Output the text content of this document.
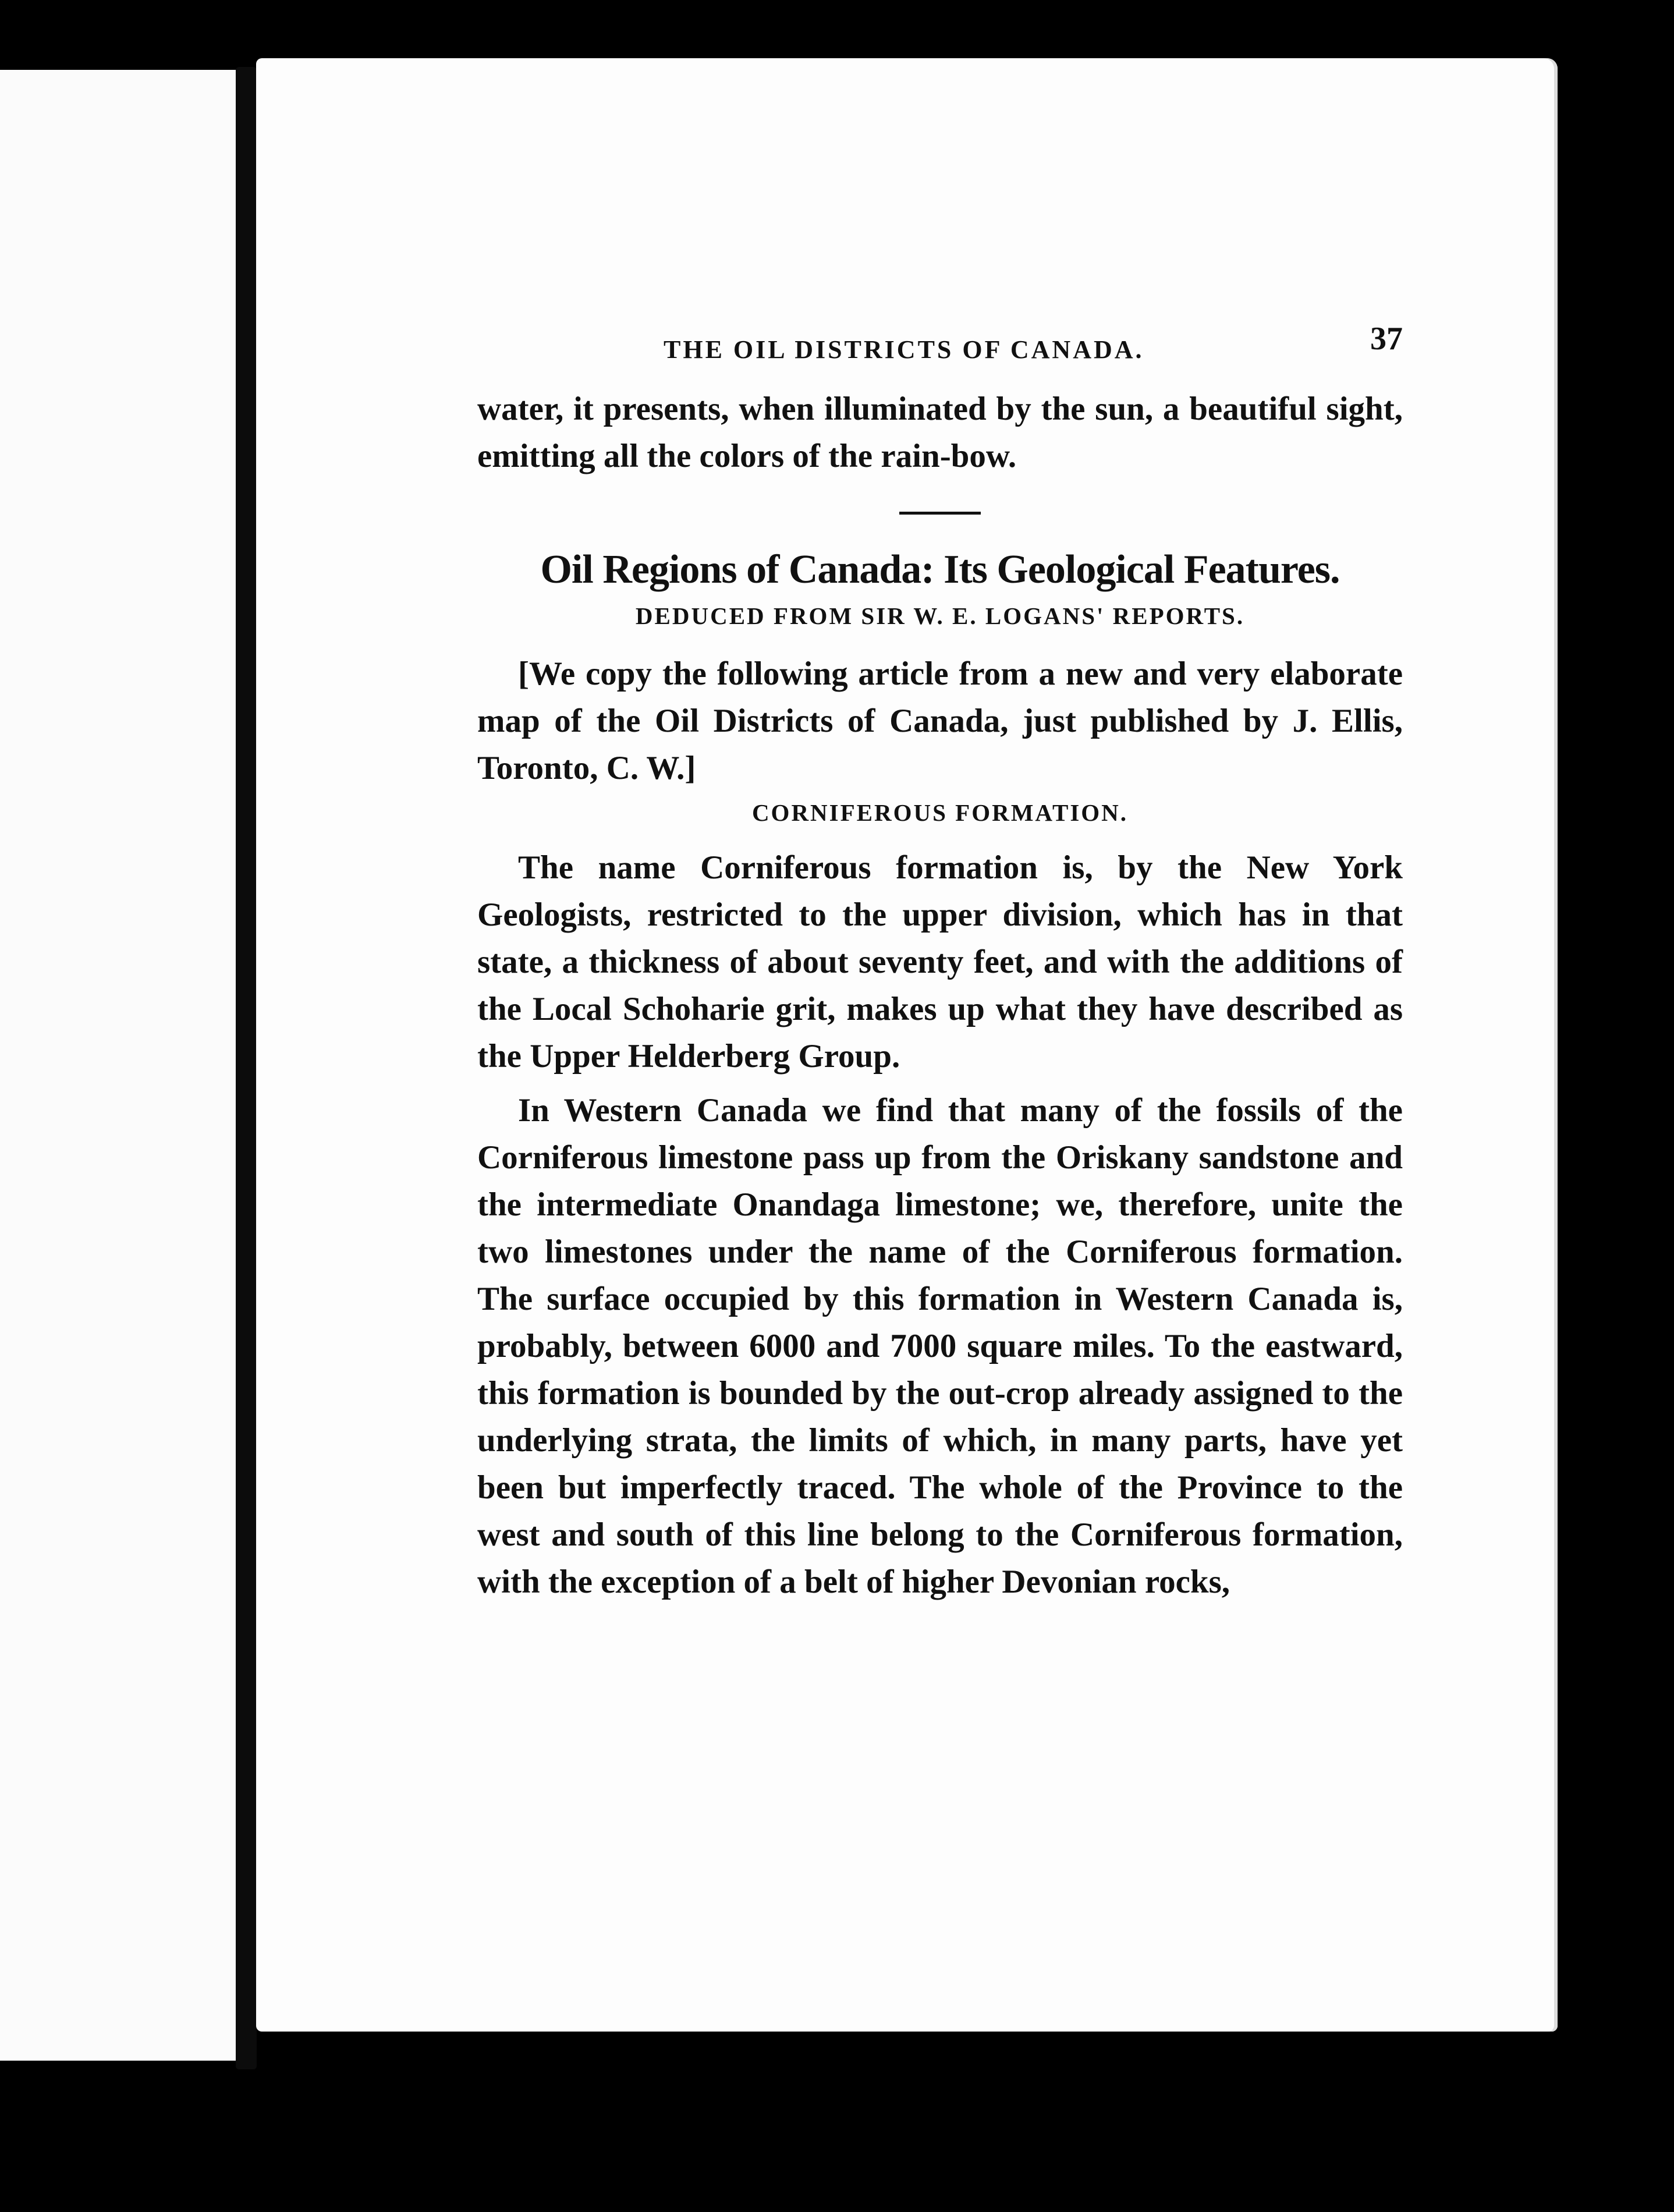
THE OIL DISTRICTS OF CANADA.	37

water, it presents, when illuminated by the sun, a beautiful sight, emitting all the colors of the rain-bow.

Oil Regions of Canada: Its Geological Features.
DEDUCED FROM SIR W. E. LOGANS' REPORTS.

[We copy the following article from a new and very elaborate map of the Oil Districts of Canada, just published by J. Ellis, Toronto, C. W.]

CORNIFEROUS FORMATION.

The name Corniferous formation is, by the New York Geologists, restricted to the upper division, which has in that state, a thickness of about seventy feet, and with the additions of the Local Schoharie grit, makes up what they have described as the Upper Helderberg Group.

In Western Canada we find that many of the fossils of the Corniferous limestone pass up from the Oriskany sandstone and the intermediate Onandaga limestone; we, therefore, unite the two limestones under the name of the Corniferous formation. The surface occupied by this formation in Western Canada is, probably, between 6000 and 7000 square miles. To the eastward, this formation is bounded by the out-crop already assigned to the underlying strata, the limits of which, in many parts, have yet been but imperfectly traced. The whole of the Province to the west and south of this line belong to the Corniferous formation, with the exception of a belt of higher Devonian rocks,
